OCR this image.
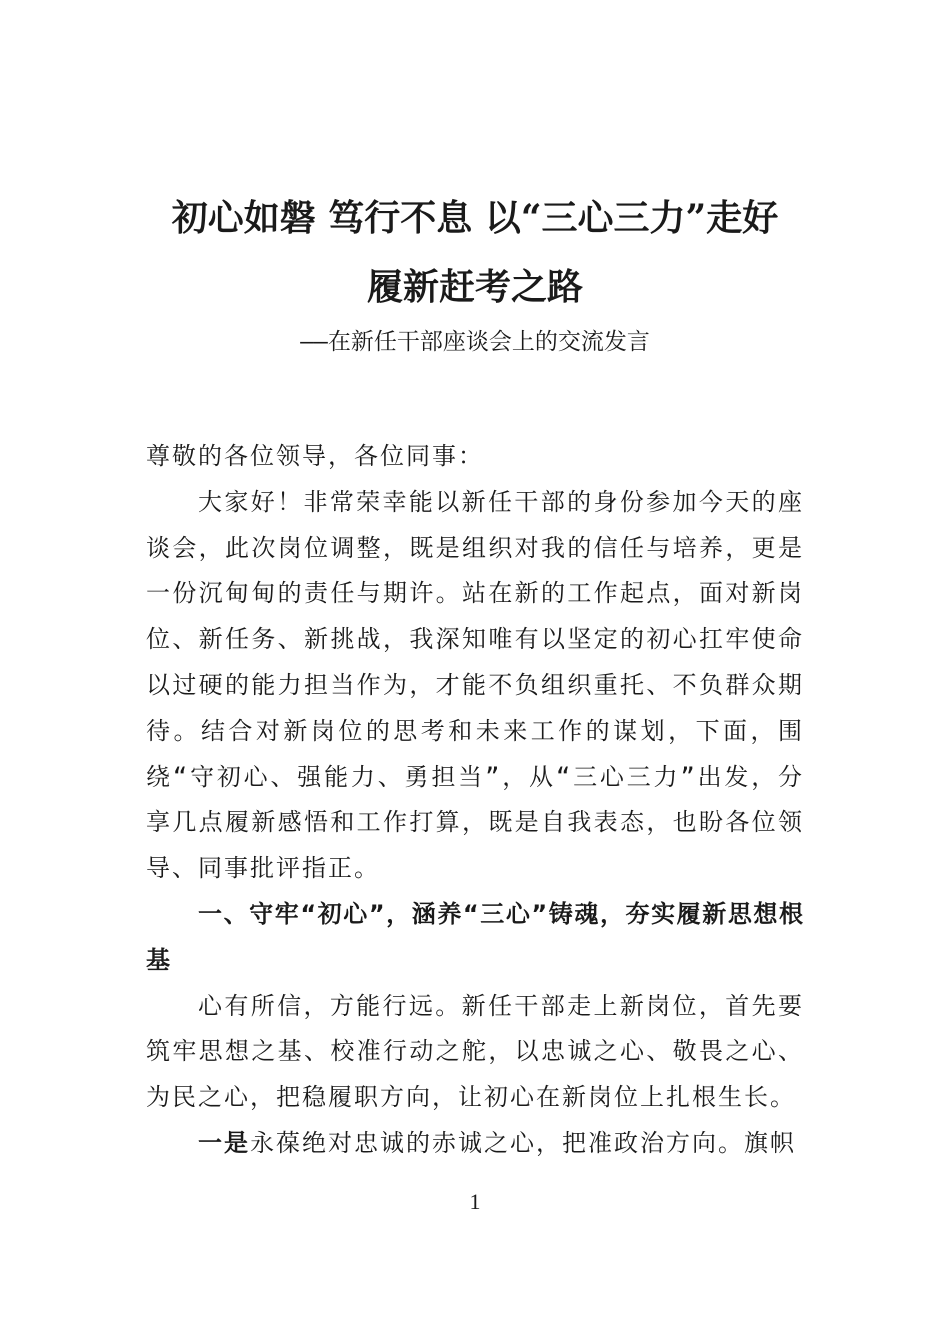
初心如磐 笃行不息 以“三心三力”走好
履新赶考之路
——在新任干部座谈会上的交流发言

尊敬的各位领导，各位同事：

大家好！非常荣幸能以新任干部的身份参加今天的座谈会，此次岗位调整，既是组织对我的信任与培养，更是一份沉甸甸的责任与期许。站在新的工作起点，面对新岗位、新任务、新挑战，我深知唯有以坚定的初心扛牢使命以过硬的能力担当作为，才能不负组织重托、不负群众期待。结合对新岗位的思考和未来工作的谋划，下面，围绕“守初心、强能力、勇担当”，从“三心三力”出发，分享几点履新感悟和工作打算，既是自我表态，也盼各位领导、同事批评指正。

一、守牢“初心”，涵养“三心”铸魂，夯实履新思想根基

心有所信，方能行远。新任干部走上新岗位，首先要筑牢思想之基、校准行动之舵，以忠诚之心、敬畏之心、为民之心，把稳履职方向，让初心在新岗位上扎根生长。

一是永葆绝对忠诚的赤诚之心，把准政治方向。旗帜

1
